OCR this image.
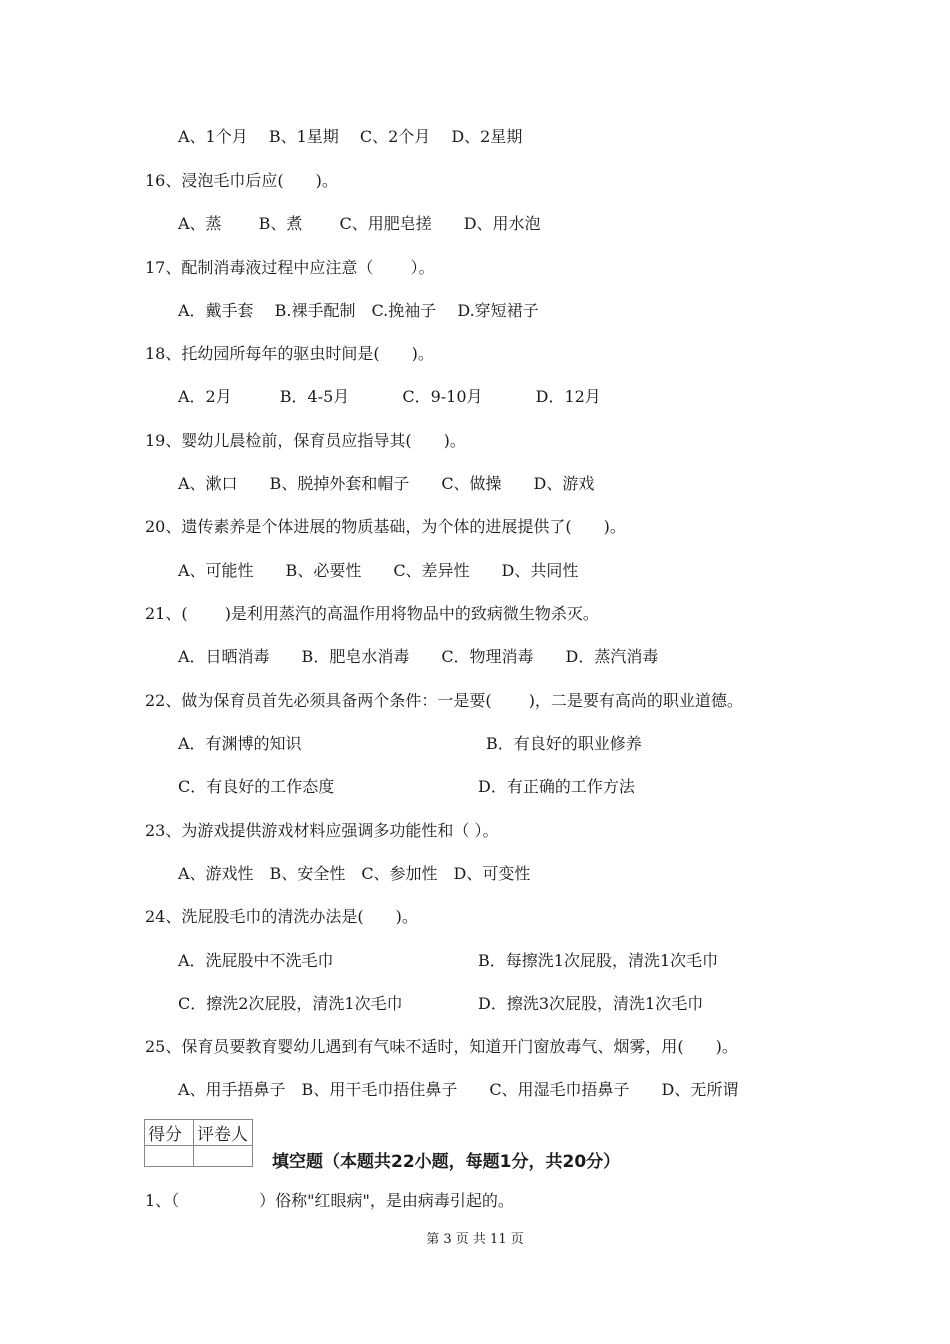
A、1个月　 B、1星期　 C、2个月　 D、2星期
16、浸泡毛巾后应(　　)。
A、蒸　　 B、煮　　 C、用肥皂搓　　D、用水泡
17、配制消毒液过程中应注意（　　 ）。
A．戴手套　 B.裸手配制　C.挽袖子　 D.穿短裙子
18、托幼园所每年的驱虫时间是(　　)。
A．2月　　　B．4-5月　　　 C．9-10月　　　 D．12月
19、婴幼儿晨检前，保育员应指导其(　　)。
A、漱口　　B、脱掉外套和帽子　　C、做操　　D、游戏
20、遗传素养是个体进展的物质基础，为个体的进展提供了(　　)。
A、可能性　　B、必要性　　C、差异性　　D、共同性
21、(　　 )是利用蒸汽的高温作用将物品中的致病微生物杀灭。
A．日晒消毒　　B．肥皂水消毒　　C．物理消毒　　D．蒸汽消毒
22、做为保育员首先必须具备两个条件：一是要(　　 )，二是要有高尚的职业道德。
A．有渊博的知识	B．有良好的职业修养
C．有良好的工作态度	D．有正确的工作方法
23、为游戏提供游戏材料应强调多功能性和（ ）。
A、游戏性　B、安全性　C、参加性　D、可变性
24、洗屁股毛巾的清洗办法是(　　)。
A．洗屁股中不洗毛巾	B．每擦洗1次屁股，清洗1次毛巾
C．擦洗2次屁股，清洗1次毛巾	D．擦洗3次屁股，清洗1次毛巾
25、保育员要教育婴幼儿遇到有气味不适时，知道开门窗放毒气、烟雾，用(　　)。
A、用手捂鼻子　B、用干毛巾捂住鼻子　　C、用湿毛巾捂鼻子　　D、无所谓
得分	评卷人

填空题（本题共22小题，每题1分，共20分）
1、（　　　　　）俗称"红眼病"，是由病毒引起的。
第 3 页 共 11 页
